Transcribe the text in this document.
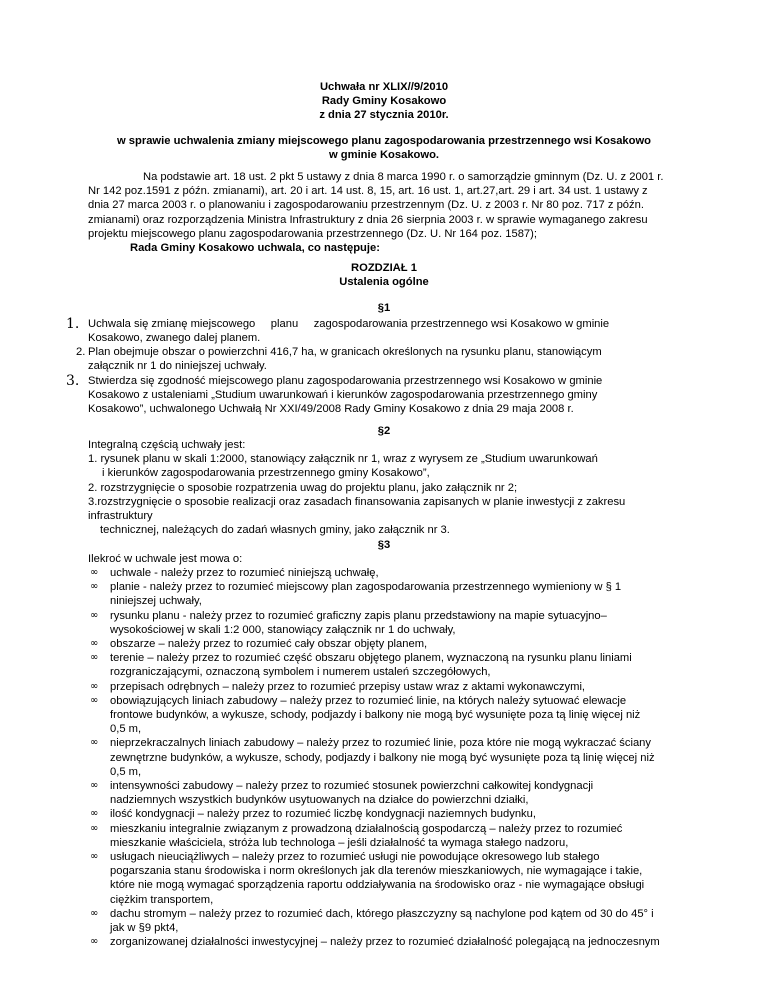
Uchwała nr XLIX//9/2010
Rady Gminy Kosakowo
z dnia 27 stycznia 2010r.
w sprawie uchwalenia zmiany miejscowego planu zagospodarowania przestrzennego wsi Kosakowo
w gminie Kosakowo.
Na podstawie art. 18 ust. 2 pkt 5 ustawy z dnia 8 marca 1990 r. o samorządzie gminnym (Dz. U. z 2001 r.
Nr 142 poz.1591 z późn. zmianami), art. 20 i art. 14 ust. 8, 15, art. 16 ust. 1, art.27,art. 29 i art. 34 ust. 1 ustawy z
dnia 27 marca 2003 r. o planowaniu i zagospodarowaniu przestrzennym (Dz. U. z 2003 r. Nr 80 poz. 717 z późn.
zmianami) oraz rozporządzenia Ministra Infrastruktury z dnia 26 sierpnia 2003 r. w sprawie wymaganego zakresu
projektu miejscowego planu zagospodarowania przestrzennego (Dz. U. Nr 164 poz. 1587);
Rada Gminy Kosakowo uchwala, co następuje:
ROZDZIAŁ 1
Ustalenia ogólne
§1
1. Uchwala się zmianę miejscowego     planu     zagospodarowania przestrzennego wsi Kosakowo w gminie
Kosakowo, zwanego dalej planem.
2. Plan obejmuje obszar o powierzchni 416,7 ha, w granicach określonych na rysunku planu, stanowiącym
załącznik nr 1 do niniejszej uchwały.
3. Stwierdza się zgodność miejscowego planu zagospodarowania przestrzennego wsi Kosakowo w gminie
Kosakowo z ustaleniami „Studium uwarunkowań i kierunków zagospodarowania przestrzennego gminy
Kosakowo”, uchwalonego Uchwałą Nr XXI/49/2008 Rady Gminy Kosakowo z dnia 29 maja 2008 r.
§2
Integralną częścią uchwały jest:
1. rysunek planu w skali 1:2000, stanowiący załącznik nr 1, wraz z wyrysem ze „Studium uwarunkowań
i kierunków zagospodarowania przestrzennego gminy Kosakowo”,
2. rozstrzygnięcie o sposobie rozpatrzenia uwag do projektu planu, jako załącznik nr 2;
3.rozstrzygnięcie o sposobie realizacji oraz zasadach finansowania zapisanych w planie inwestycji z zakresu
infrastruktury
technicznej, należących do zadań własnych gminy, jako załącznik nr 3.
§3
Ilekroć w uchwale jest mowa o:
∞	uchwale - należy przez to rozumieć niniejszą uchwałę,
∞	planie - należy przez to rozumieć miejscowy plan zagospodarowania przestrzennego wymieniony w § 1
niniejszej uchwały,
∞	rysunku planu - należy przez to rozumieć graficzny zapis planu przedstawiony na mapie sytuacyjno–
wysokościowej w skali 1:2 000, stanowiący załącznik nr 1 do uchwały,
∞	obszarze – należy przez to rozumieć cały obszar objęty planem,
∞	terenie – należy przez to rozumieć część obszaru objętego planem, wyznaczoną na rysunku planu liniami
rozgraniczającymi, oznaczoną symbolem i numerem ustaleń szczegółowych,
∞	przepisach odrębnych – należy przez to rozumieć przepisy ustaw wraz z aktami wykonawczymi,
∞	obowiązujących liniach zabudowy – należy przez to rozumieć linie, na których należy sytuować elewacje
frontowe budynków, a wykusze, schody, podjazdy i balkony nie mogą być wysunięte poza tą linię więcej niż
0,5 m,
∞	nieprzekraczalnych liniach zabudowy – należy przez to rozumieć linie, poza które nie mogą wykraczać ściany
zewnętrzne budynków, a wykusze, schody, podjazdy i balkony nie mogą być wysunięte poza tą linię więcej niż
0,5 m,
∞	intensywności zabudowy – należy przez to rozumieć stosunek powierzchni całkowitej kondygnacji
nadziemnych wszystkich budynków usytuowanych na działce do powierzchni działki,
∞	ilość kondygnacji – należy przez to rozumieć liczbę kondygnacji naziemnych budynku,
∞	mieszkaniu integralnie związanym z prowadzoną działalnością gospodarczą – należy przez to rozumieć
mieszkanie właściciela, stróża lub technologa – jeśli działalność ta wymaga stałego nadzoru,
∞	usługach nieuciążliwych – należy przez to rozumieć usługi nie powodujące okresowego lub stałego
pogarszania stanu środowiska i norm określonych jak dla terenów mieszkaniowych, nie wymagające i takie,
które nie mogą wymagać sporządzenia raportu oddziaływania na środowisko oraz - nie wymagające obsługi
ciężkim transportem,
∞	dachu stromym – należy przez to rozumieć dach, którego płaszczyzny są nachylone pod kątem od 30 do 45° i
jak w §9 pkt4,
∞	zorganizowanej działalności inwestycyjnej – należy przez to rozumieć działalność polegającą na jednoczesnym
